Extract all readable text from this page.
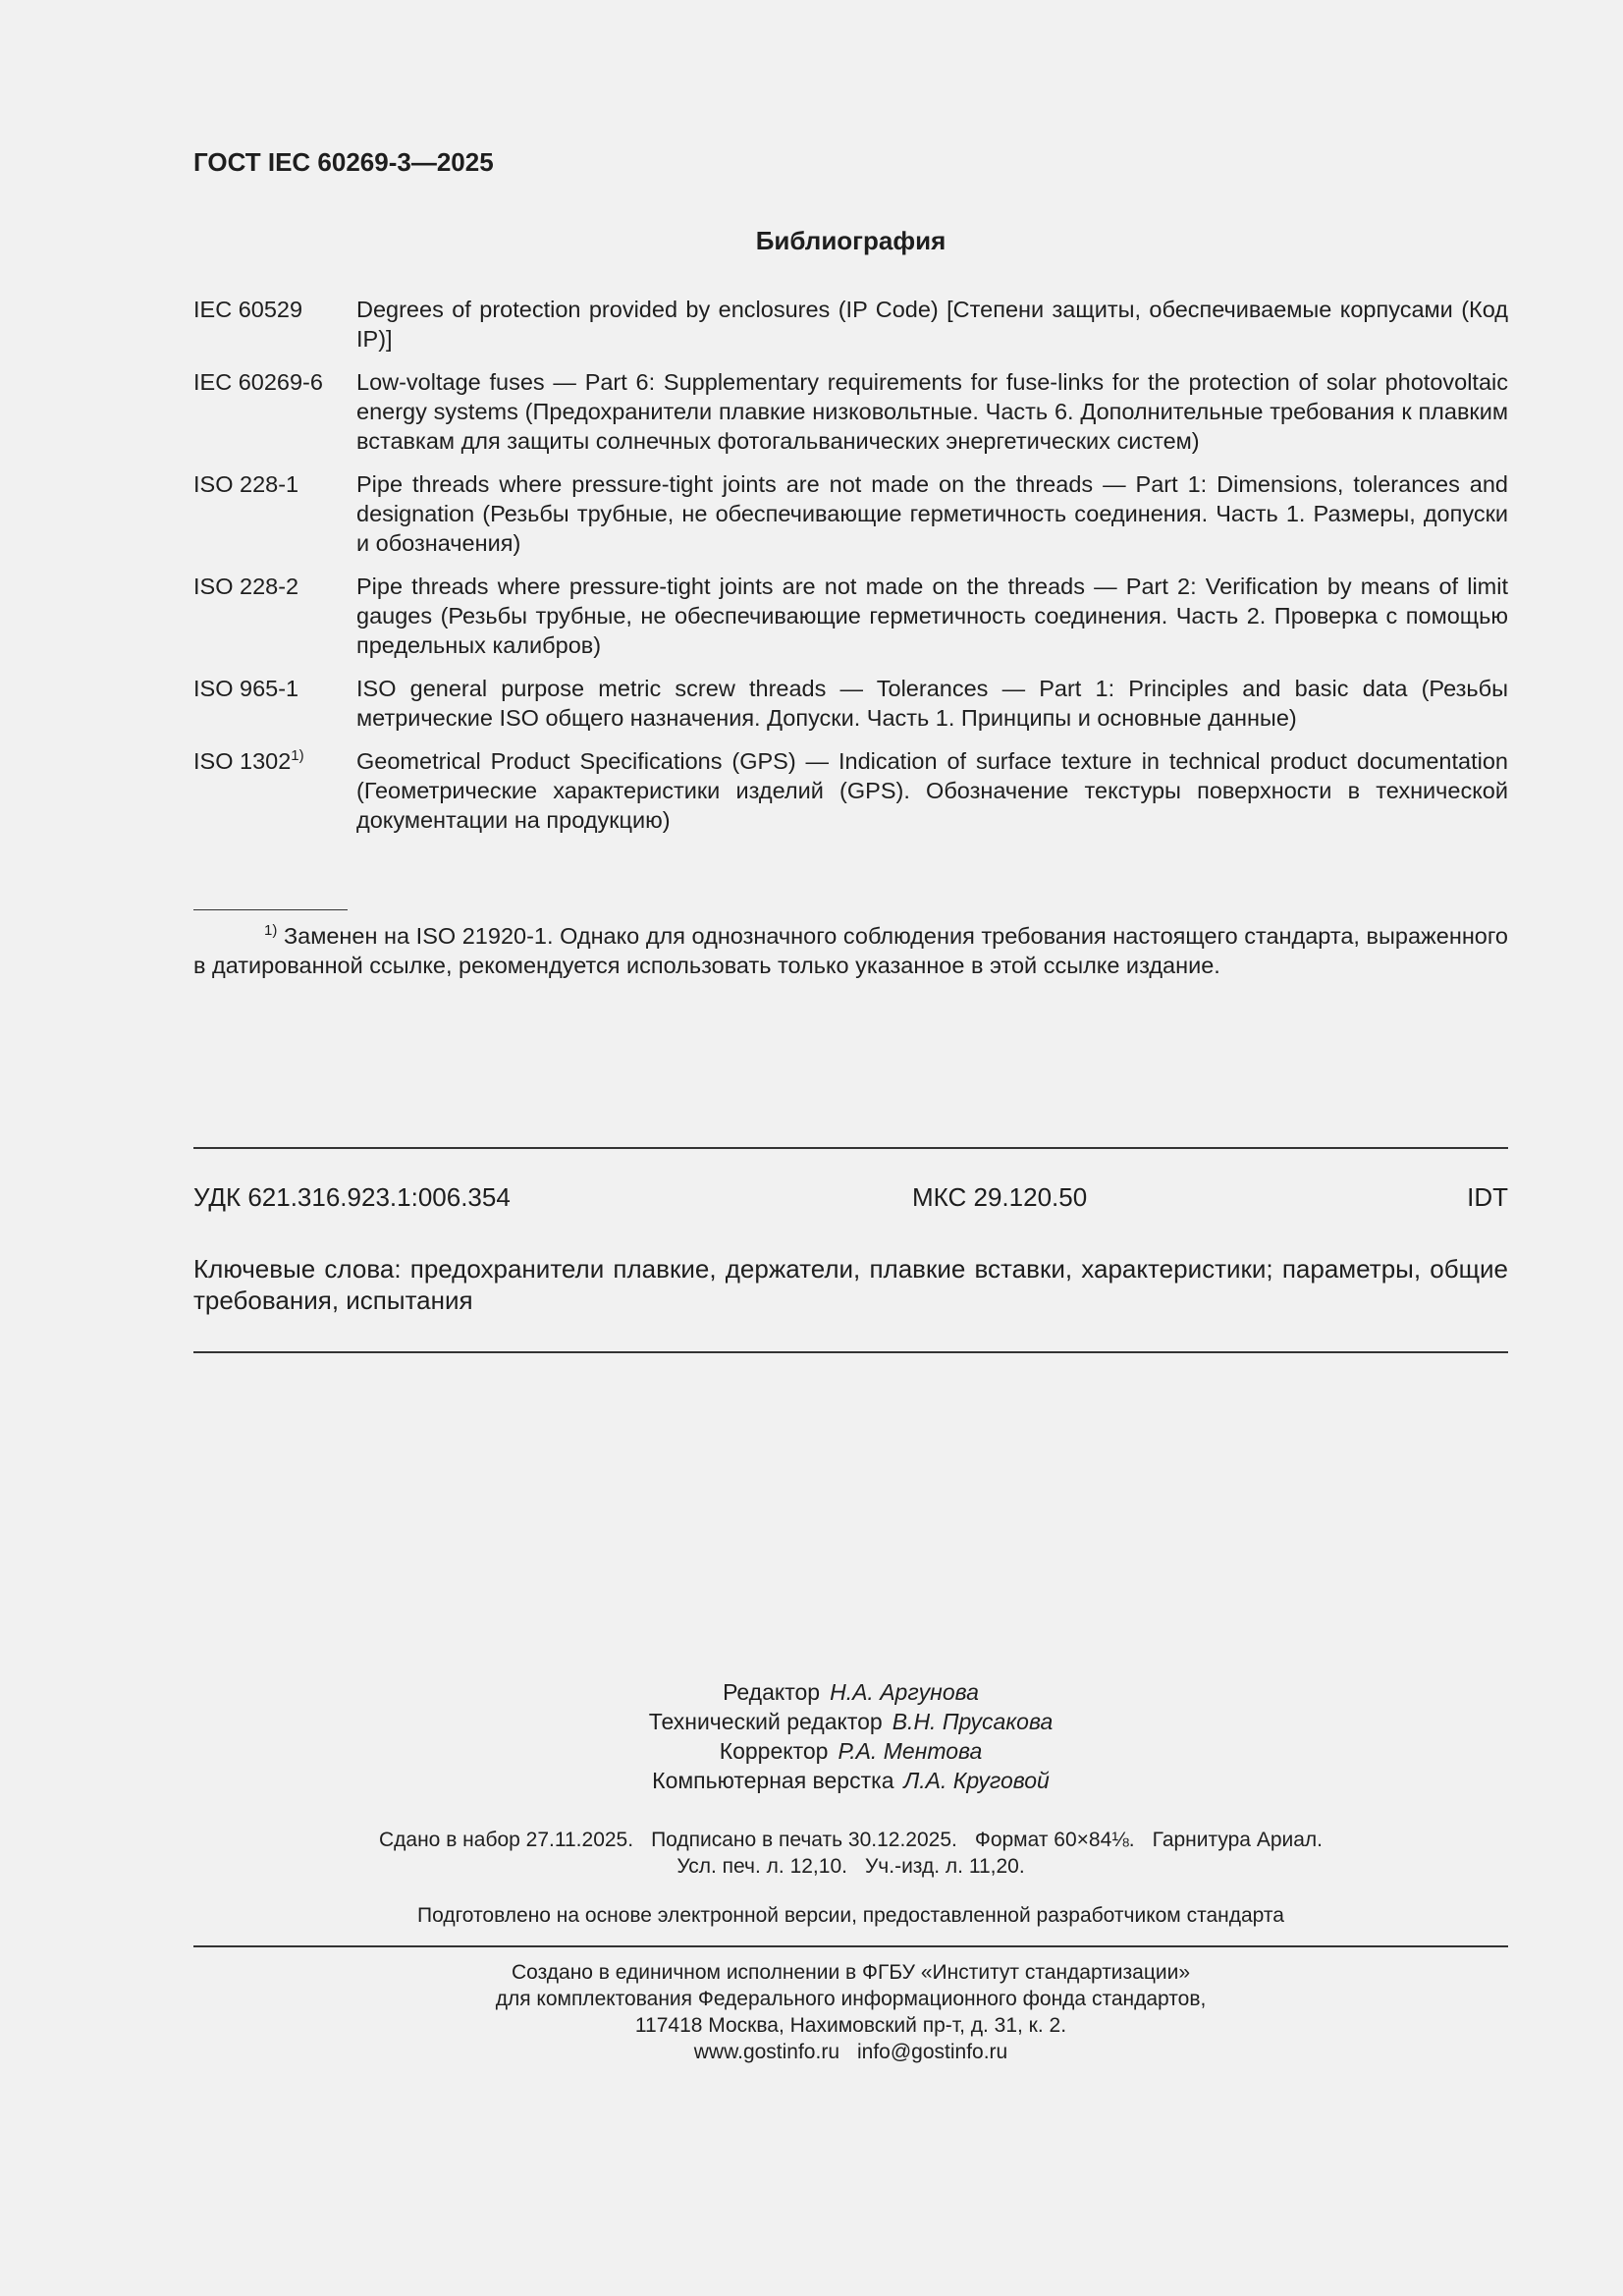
ГОСТ IEC 60269-3—2025
Библиография
IEC 60529	Degrees of protection provided by enclosures (IP Code) [Степени защиты, обеспечиваемые корпусами (Код IP)]
IEC 60269-6	Low-voltage fuses — Part 6: Supplementary requirements for fuse-links for the protection of solar photovoltaic energy systems (Предохранители плавкие низковольтные. Часть 6. Дополнительные требования к плавким вставкам для защиты солнечных фотогальванических энергетических систем)
ISO 228-1	Pipe threads where pressure-tight joints are not made on the threads — Part 1: Dimensions, tolerances and designation (Резьбы трубные, не обеспечивающие герметичность соединения. Часть 1. Размеры, допуски и обозначения)
ISO 228-2	Pipe threads where pressure-tight joints are not made on the threads — Part 2: Verification by means of limit gauges (Резьбы трубные, не обеспечивающие герметичность соединения. Часть 2. Проверка с помощью предельных калибров)
ISO 965-1	ISO general purpose metric screw threads — Tolerances — Part 1: Principles and basic data (Резьбы метрические ISO общего назначения. Допуски. Часть 1. Принципы и основные данные)
ISO 1302$^{1)}$	Geometrical Product Specifications (GPS) — Indication of surface texture in technical product documentation (Геометрические характеристики изделий (GPS). Обозначение текстуры поверхности в технической документации на продукцию)
$^{1)}$ Заменен на ISO 21920-1. Однако для однозначного соблюдения требования настоящего стандарта, выраженного в датированной ссылке, рекомендуется использовать только указанное в этой ссылке издание.
УДК 621.316.923.1:006.354	МКС 29.120.50	IDT
Ключевые слова: предохранители плавкие, держатели, плавкие вставки, характеристики; параметры, общие требования, испытания
Редактор Н.А. Аргунова
Технический редактор В.Н. Прусакова
Корректор Р.А. Ментова
Компьютерная верстка Л.А. Круговой
Сдано в набор 27.11.2025. Подписано в печать 30.12.2025. Формат 60×84⅛. Гарнитура Ариал.
Усл. печ. л. 12,10. Уч.-изд. л. 11,20.
Подготовлено на основе электронной версии, предоставленной разработчиком стандарта
Создано в единичном исполнении в ФГБУ «Институт стандартизации»
для комплектования Федерального информационного фонда стандартов,
117418 Москва, Нахимовский пр-т, д. 31, к. 2.
www.gostinfo.ru info@gostinfo.ru
